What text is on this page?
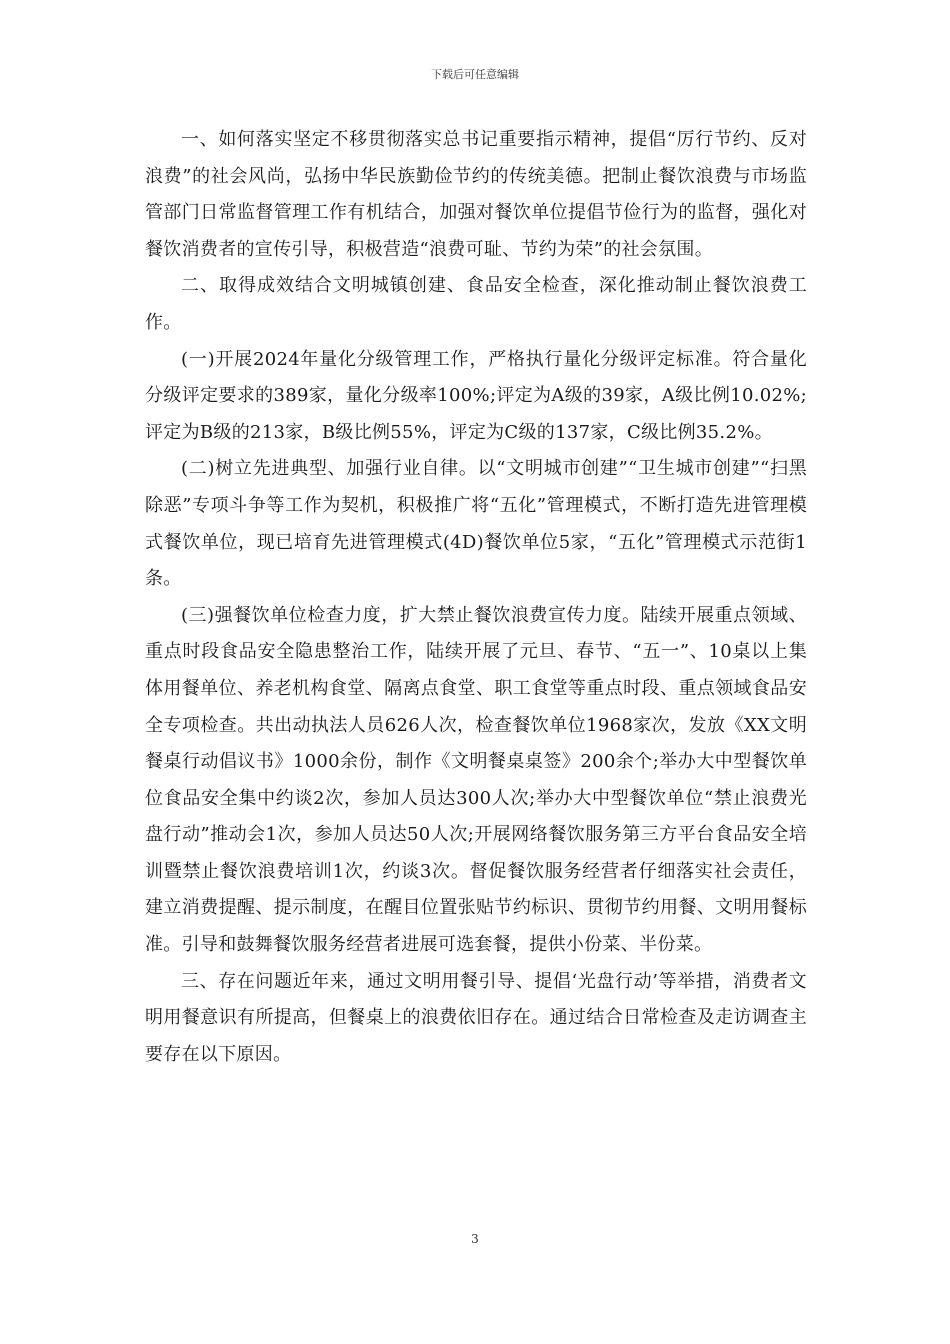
下载后可任意编辑

一、如何落实坚定不移贯彻落实总书记重要指示精神，提倡“厉行节约、反对浪费”的社会风尚，弘扬中华民族勤俭节约的传统美德。把制止餐饮浪费与市场监管部门日常监督管理工作有机结合，加强对餐饮单位提倡节俭行为的监督，强化对餐饮消费者的宣传引导，积极营造“浪费可耻、节约为荣”的社会氛围。

二、取得成效结合文明城镇创建、食品安全检查，深化推动制止餐饮浪费工作。

(一)开展2024年量化分级管理工作，严格执行量化分级评定标准。符合量化分级评定要求的389家，量化分级率100%;评定为A级的39家，A级比例10.02%;评定为B级的213家，B级比例55%，评定为C级的137家，C级比例35.2%。

(二)树立先进典型、加强行业自律。以“文明城市创建”“卫生城市创建”“扫黑除恶”专项斗争等工作为契机，积极推广将“五化”管理模式，不断打造先进管理模式餐饮单位，现已培育先进管理模式(4D)餐饮单位5家，“五化”管理模式示范街1条。

(三)强餐饮单位检查力度，扩大禁止餐饮浪费宣传力度。陆续开展重点领域、重点时段食品安全隐患整治工作，陆续开展了元旦、春节、“五一”、10桌以上集体用餐单位、养老机构食堂、隔离点食堂、职工食堂等重点时段、重点领域食品安全专项检查。共出动执法人员626人次，检查餐饮单位1968家次，发放《XX文明餐桌行动倡议书》1000余份，制作《文明餐桌桌签》200余个;举办大中型餐饮单位食品安全集中约谈2次，参加人员达300人次;举办大中型餐饮单位“禁止浪费光盘行动”推动会1次，参加人员达50人次;开展网络餐饮服务第三方平台食品安全培训暨禁止餐饮浪费培训1次，约谈3次。督促餐饮服务经营者仔细落实社会责任，建立消费提醒、提示制度，在醒目位置张贴节约标识、贯彻节约用餐、文明用餐标准。引导和鼓舞餐饮服务经营者进展可选套餐，提供小份菜、半份菜。

三、存在问题近年来，通过文明用餐引导、提倡‘光盘行动’等举措，消费者文明用餐意识有所提高，但餐桌上的浪费依旧存在。通过结合日常检查及走访调查主要存在以下原因。

3
